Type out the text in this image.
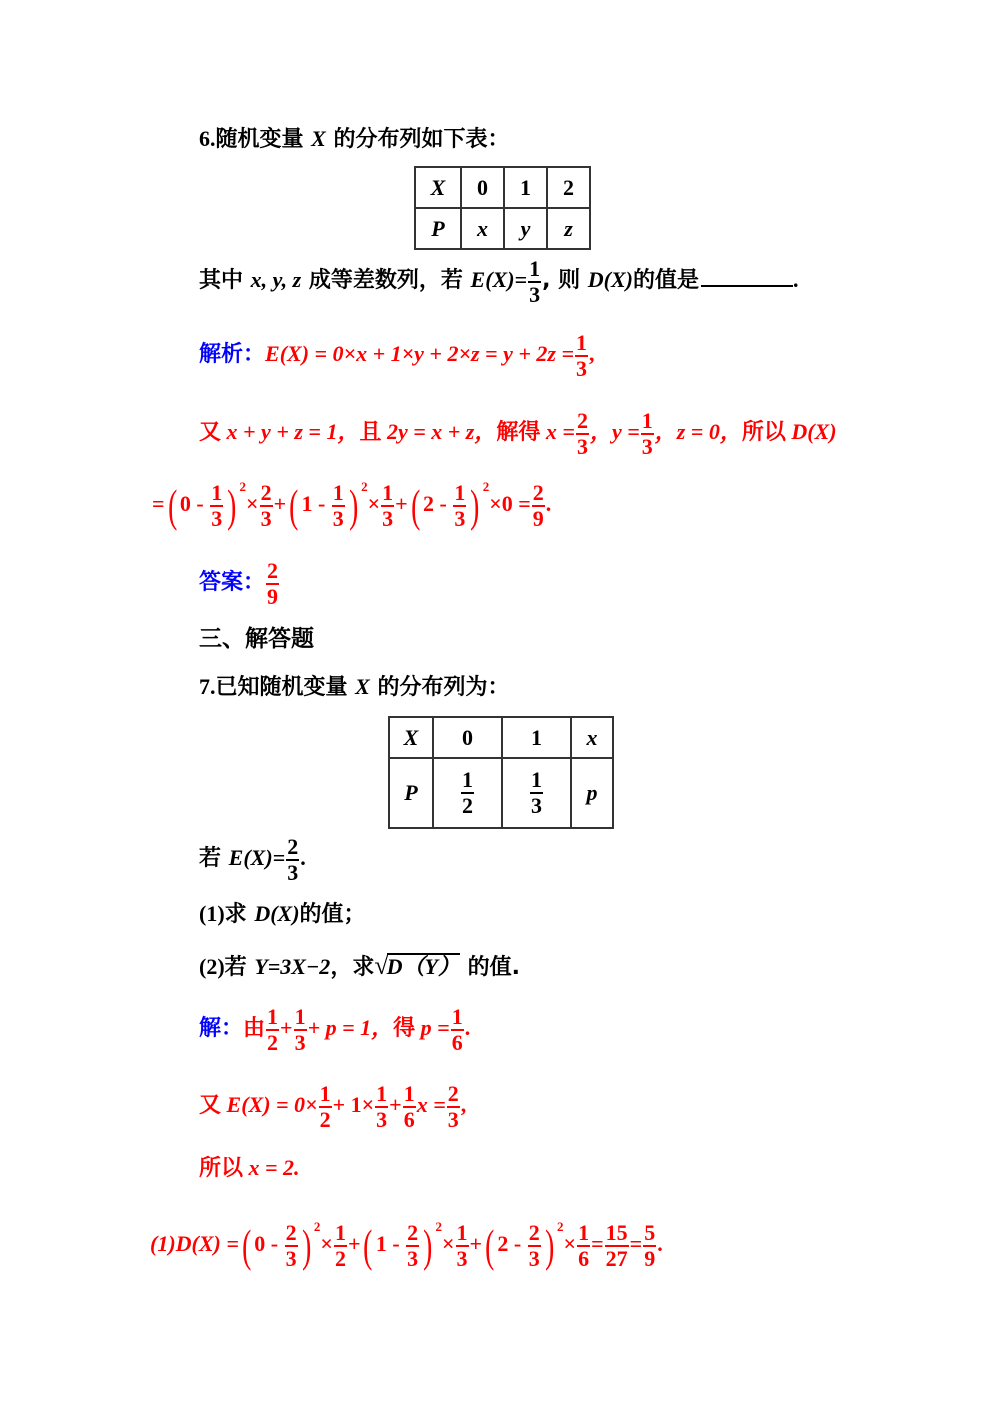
6.随机变量 X 的分布列如下表：
X	0	1	2
P	x	y	z
其中 x, y, z 成等差数列，若 $E(X)= \frac{1}{3}$ , 则 D(X)的值是	.
解析：$E(X) = 0\times x + 1\times y + 2\times z = y + 2z = \frac{1}{3}$ ,
又 x + y + z = 1，且 2y = x + z，解得 $x = \frac{2}{3}$ ，$y = \frac{1}{3}$ ，z = 0，所以 D(X)
=( $0 - \frac{1}{3}$ ) $^2\times \frac{2}{3}$ +( $1 - \frac{1}{3}$ ) $^2\times \frac{1}{3}$ +( $2 - \frac{1}{3}$ ) $^2\times 0 = \frac{2}{9}$ .
答案： $\frac{2}{9}$
三、解答题
7.已知随机变量 X 的分布列为：
X	0	1	x
P	$\frac{1}{2}$	$\frac{1}{3}$	p
若 $E(X)= \frac{2}{3}$ .
(1)求 D(X)的值；
(2)若 Y=3X−2，求√D（Y） 的值.
解：由 $\frac{1}{2} + \frac{1}{3} + p = 1$，得 $p = \frac{1}{6}$ .
又 $E(X) = 0\times \frac{1}{2} + 1\times \frac{1}{3} + \frac{1}{6}$ $x = \frac{2}{3}$ ,
所以 x = 2.
(1)D(X) =( $0 - \frac{2}{3}$ ) $^2\times \frac{1}{2}$ +( $1 - \frac{2}{3}$ ) $^2\times \frac{1}{3}$ +( $2 - \frac{2}{3}$ ) $^2\times \frac{1}{6} = \frac{15}{27} = \frac{5}{9}$ .
